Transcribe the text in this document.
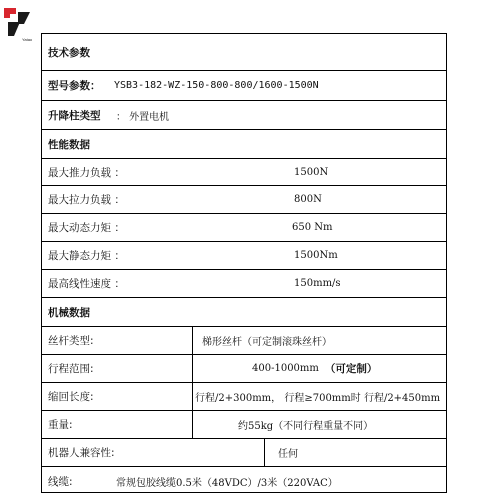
Yatao
技术参数
型号参数： YSB3-182-WZ-150-800-800/1600-1500N
升降柱类型 ： 外置电机
性能数据
最大推力负载 ：	1500N
最大拉力负载 ：	800N
最大动态力矩 ：	650 Nm
最大静态力矩 ：	1500Nm
最高线性速度 ：	150mm/s
机械数据
丝杆类型:	梯形丝杆（可定制滚珠丝杆）
行程范围:	400-1000mm （可定制）
缩回长度:	行程/2+300mm， 行程≥700mm时 行程/2+450mm
重量:	约55kg（不同行程重量不同）
机器人兼容性:	任何
线缆:	常规包胶线缆0.5米（48VDC）/3米（220VAC）
